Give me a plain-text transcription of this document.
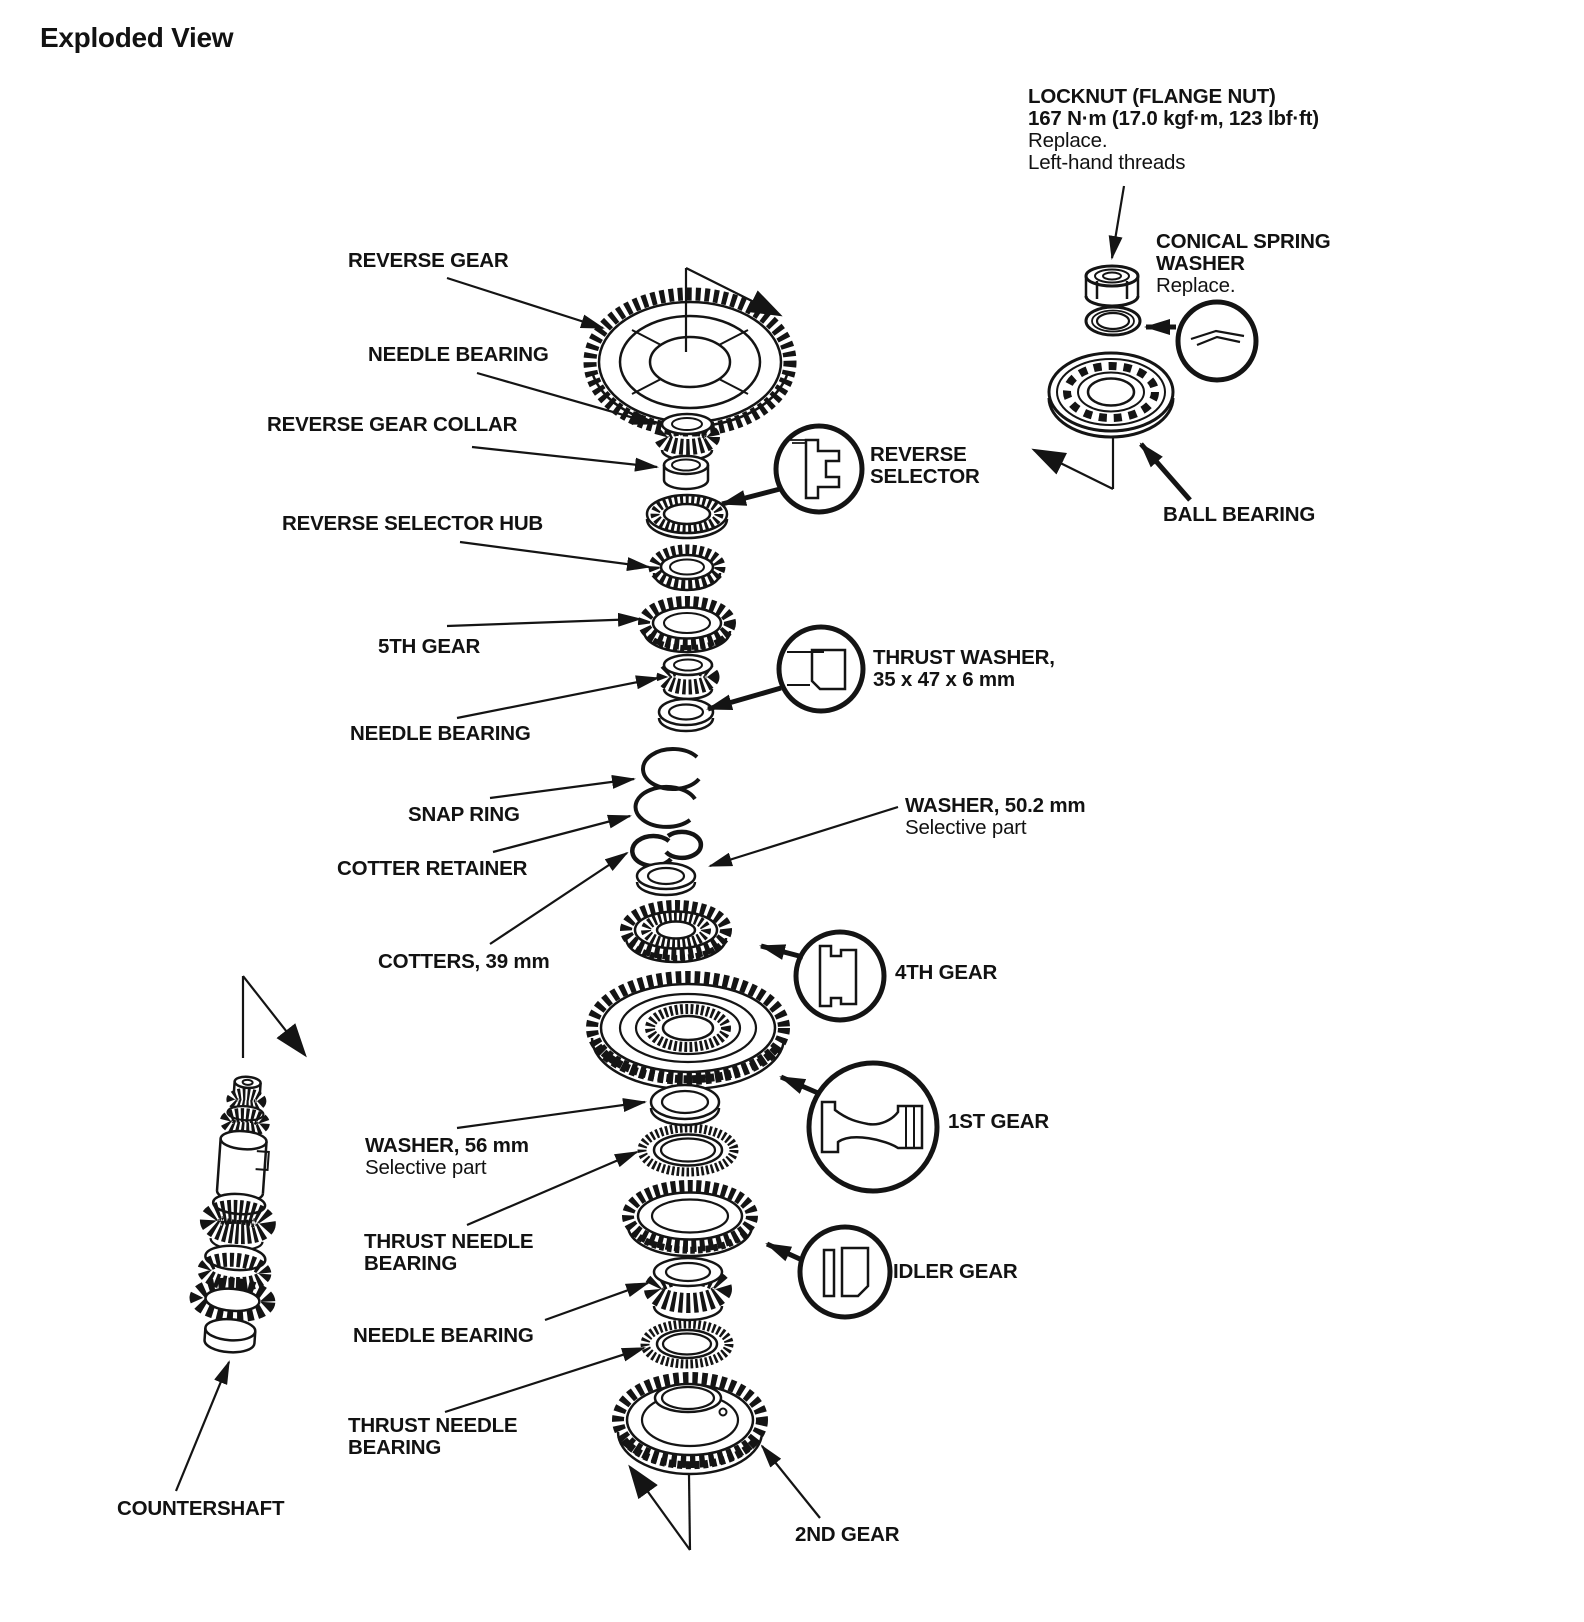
Exploded View
LOCKNUT (FLANGE NUT)
167 N·m (17.0 kgf·m, 123 lbf·ft)
Replace.
Left-hand threads
CONICAL SPRING
WASHER
Replace.
BALL BEARING
REVERSE GEAR
NEEDLE BEARING
REVERSE GEAR COLLAR
REVERSE SELECTOR HUB
5TH GEAR
NEEDLE BEARING
SNAP RING
COTTER RETAINER
COTTERS, 39 mm
REVERSE
SELECTOR
THRUST WASHER,
35 x 47 x 6 mm
WASHER, 50.2 mm
Selective part
4TH GEAR
1ST GEAR
WASHER, 56 mm
Selective part
THRUST NEEDLE
BEARING
NEEDLE BEARING
IDLER GEAR
THRUST NEEDLE
BEARING
2ND GEAR
COUNTERSHAFT
